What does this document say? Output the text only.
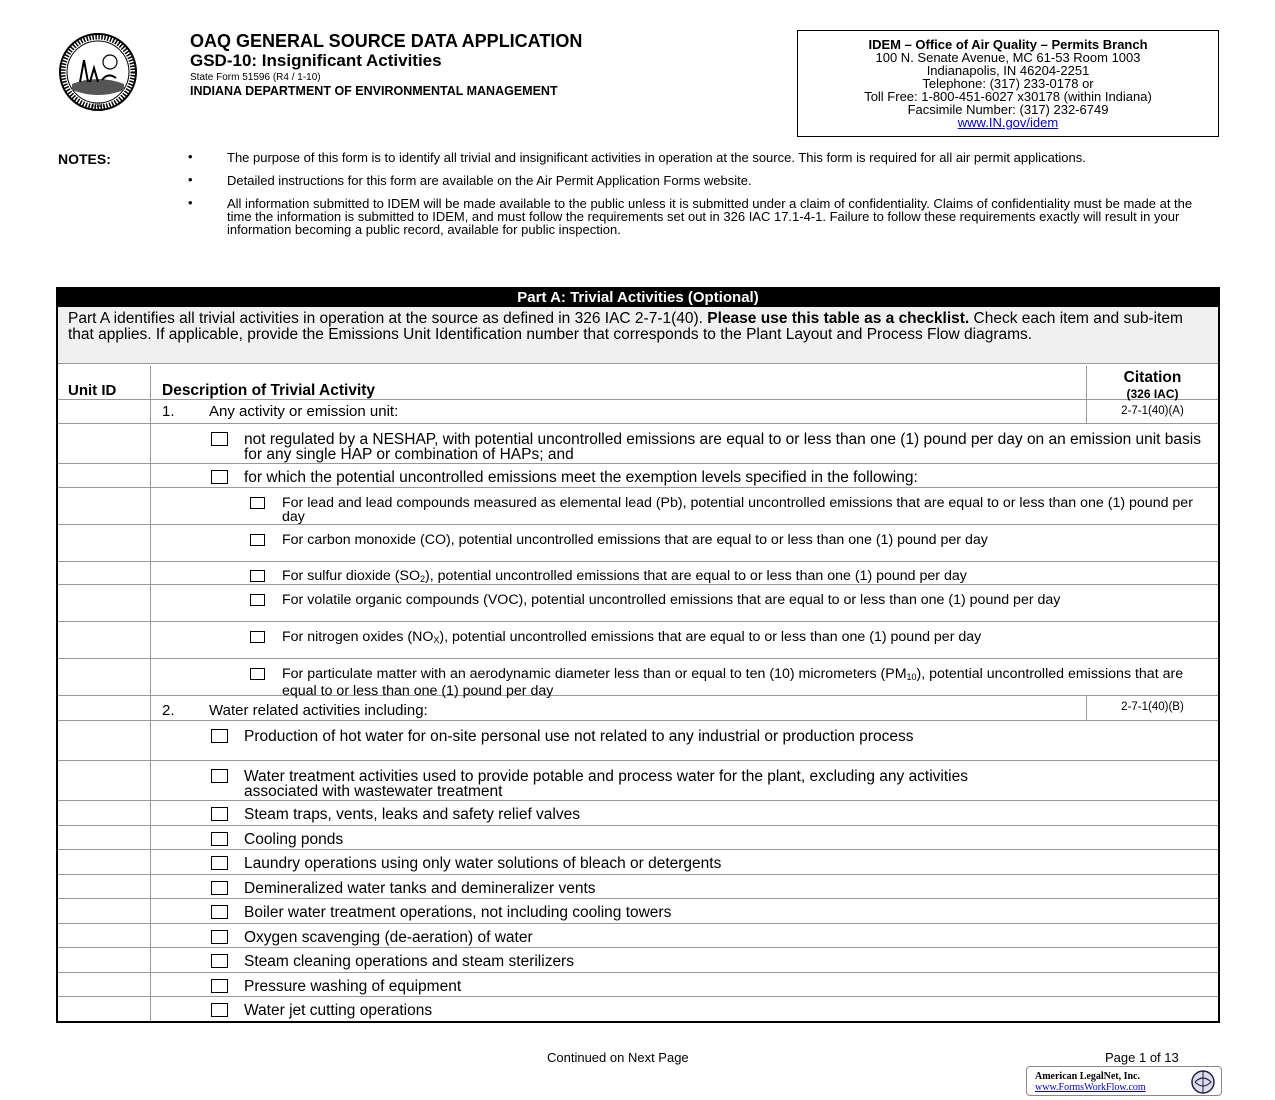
1816
OAQ GENERAL SOURCE DATA APPLICATION
GSD-10: Insignificant Activities
State Form 51596 (R4 / 1-10)
INDIANA DEPARTMENT OF ENVIRONMENTAL MANAGEMENT
IDEM – Office of Air Quality – Permits Branch
100 N. Senate Avenue, MC 61-53 Room 1003
Indianapolis, IN 46204-2251
Telephone: (317) 233-0178 or
Toll Free: 1-800-451-6027 x30178 (within Indiana)
Facsimile Number: (317) 232-6749
www.IN.gov/idem
NOTES:	•	The purpose of this form is to identify all trivial and insignificant activities in operation at the source. This form is required for all air permit applications.
•	Detailed instructions for this form are available on the Air Permit Application Forms website.
•	All information submitted to IDEM will be made available to the public unless it is submitted under a claim of confidentiality. Claims of confidentiality must be made at the time the information is submitted to IDEM, and must follow the requirements set out in 326 IAC 17.1-4-1. Failure to follow these requirements exactly will result in your information becoming a public record, available for public inspection.
Part A: Trivial Activities (Optional)
Part A identifies all trivial activities in operation at the source as defined in 326 IAC 2-7-1(40). Please use this table as a checklist. Check each item and sub-item that applies. If applicable, provide the Emissions Unit Identification number that corresponds to the Plant Layout and Process Flow diagrams.
Unit ID	Description of Trivial Activity
Citation
(326 IAC)
1. Any activity or emission unit:	2-7-1(40)(A)
not regulated by a NESHAP, with potential uncontrolled emissions are equal to or less than one (1) pound per day on an emission unit basis for any single HAP or combination of HAPs; and
for which the potential uncontrolled emissions meet the exemption levels specified in the following:
For lead and lead compounds measured as elemental lead (Pb), potential uncontrolled emissions that are equal to or less than one (1) pound per day
For carbon monoxide (CO), potential uncontrolled emissions that are equal to or less than one (1) pound per day
For sulfur dioxide $(SO_2)$, potential uncontrolled emissions that are equal to or less than one (1) pound per day
For volatile organic compounds (VOC), potential uncontrolled emissions that are equal to or less than one (1) pound per day
For nitrogen oxides $(NO_X)$, potential uncontrolled emissions that are equal to or less than one (1) pound per day
For particulate matter with an aerodynamic diameter less than or equal to ten (10) micrometers $(PM_{10})$, potential uncontrolled emissions that are equal to or less than one (1) pound per day
2. Water related activities including:	2-7-1(40)(B)
Production of hot water for on-site personal use not related to any industrial or production process
Water treatment activities used to provide potable and process water for the plant, excluding any activities associated with wastewater treatment
Steam traps, vents, leaks and safety relief valves
Cooling ponds
Laundry operations using only water solutions of bleach or detergents
Demineralized water tanks and demineralizer vents
Boiler water treatment operations, not including cooling towers
Oxygen scavenging (de-aeration) of water
Steam cleaning operations and steam sterilizers
Pressure washing of equipment
Water jet cutting operations
Continued on Next Page	Page 1 of 13
American LegalNet, Inc.
www.FormsWorkFlow.com
